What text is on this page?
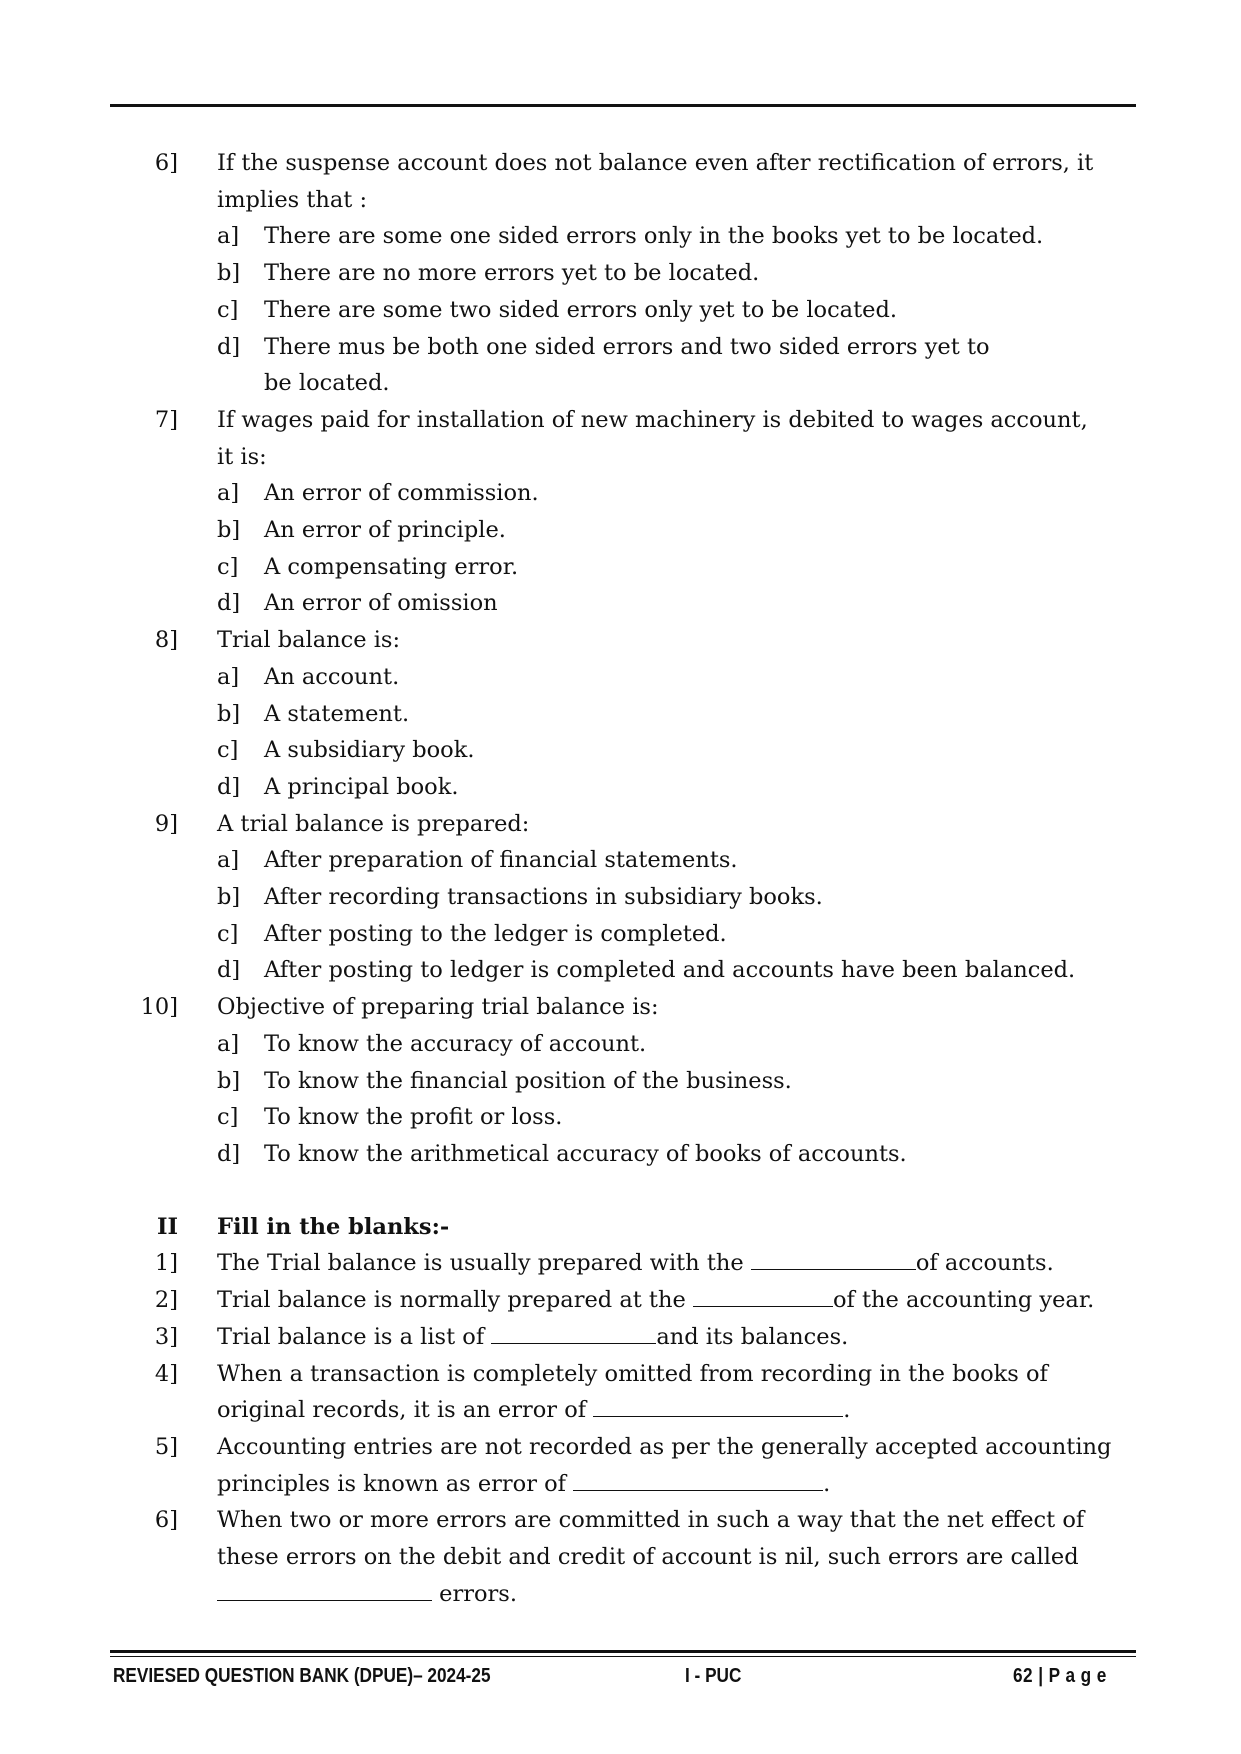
6] If the suspense account does not balance even after rectification of errors, it
implies that :
a] There are some one sided errors only in the books yet to be located.
b] There are no more errors yet to be located.
c] There are some two sided errors only yet to be located.
d] There mus be both one sided errors and two sided errors yet to
be located.
7] If wages paid for installation of new machinery is debited to wages account,
it is:
a] An error of commission.
b] An error of principle.
c] A compensating error.
d] An error of omission
8] Trial balance is:
a] An account.
b] A statement.
c] A subsidiary book.
d] A principal book.
9] A trial balance is prepared:
a] After preparation of financial statements.
b] After recording transactions in subsidiary books.
c] After posting to the ledger is completed.
d] After posting to ledger is completed and accounts have been balanced.
10] Objective of preparing trial balance is:
a] To know the accuracy of account.
b] To know the financial position of the business.
c] To know the profit or loss.
d] To know the arithmetical accuracy of books of accounts.
II Fill in the blanks:-
1] The Trial balance is usually prepared with the	of accounts.
2] Trial balance is normally prepared at the	of the accounting year.
3] Trial balance is a list of	and its balances.
4] When a transaction is completely omitted from recording in the books of
original records, it is an error of	.
5] Accounting entries are not recorded as per the generally accepted accounting
principles is known as error of	.
6] When two or more errors are committed in such a way that the net effect of
these errors on the debit and credit of account is nil, such errors are called
errors.
REVIESED QUESTION BANK (DPUE)– 2024-25	I - PUC	62 | P a g e
